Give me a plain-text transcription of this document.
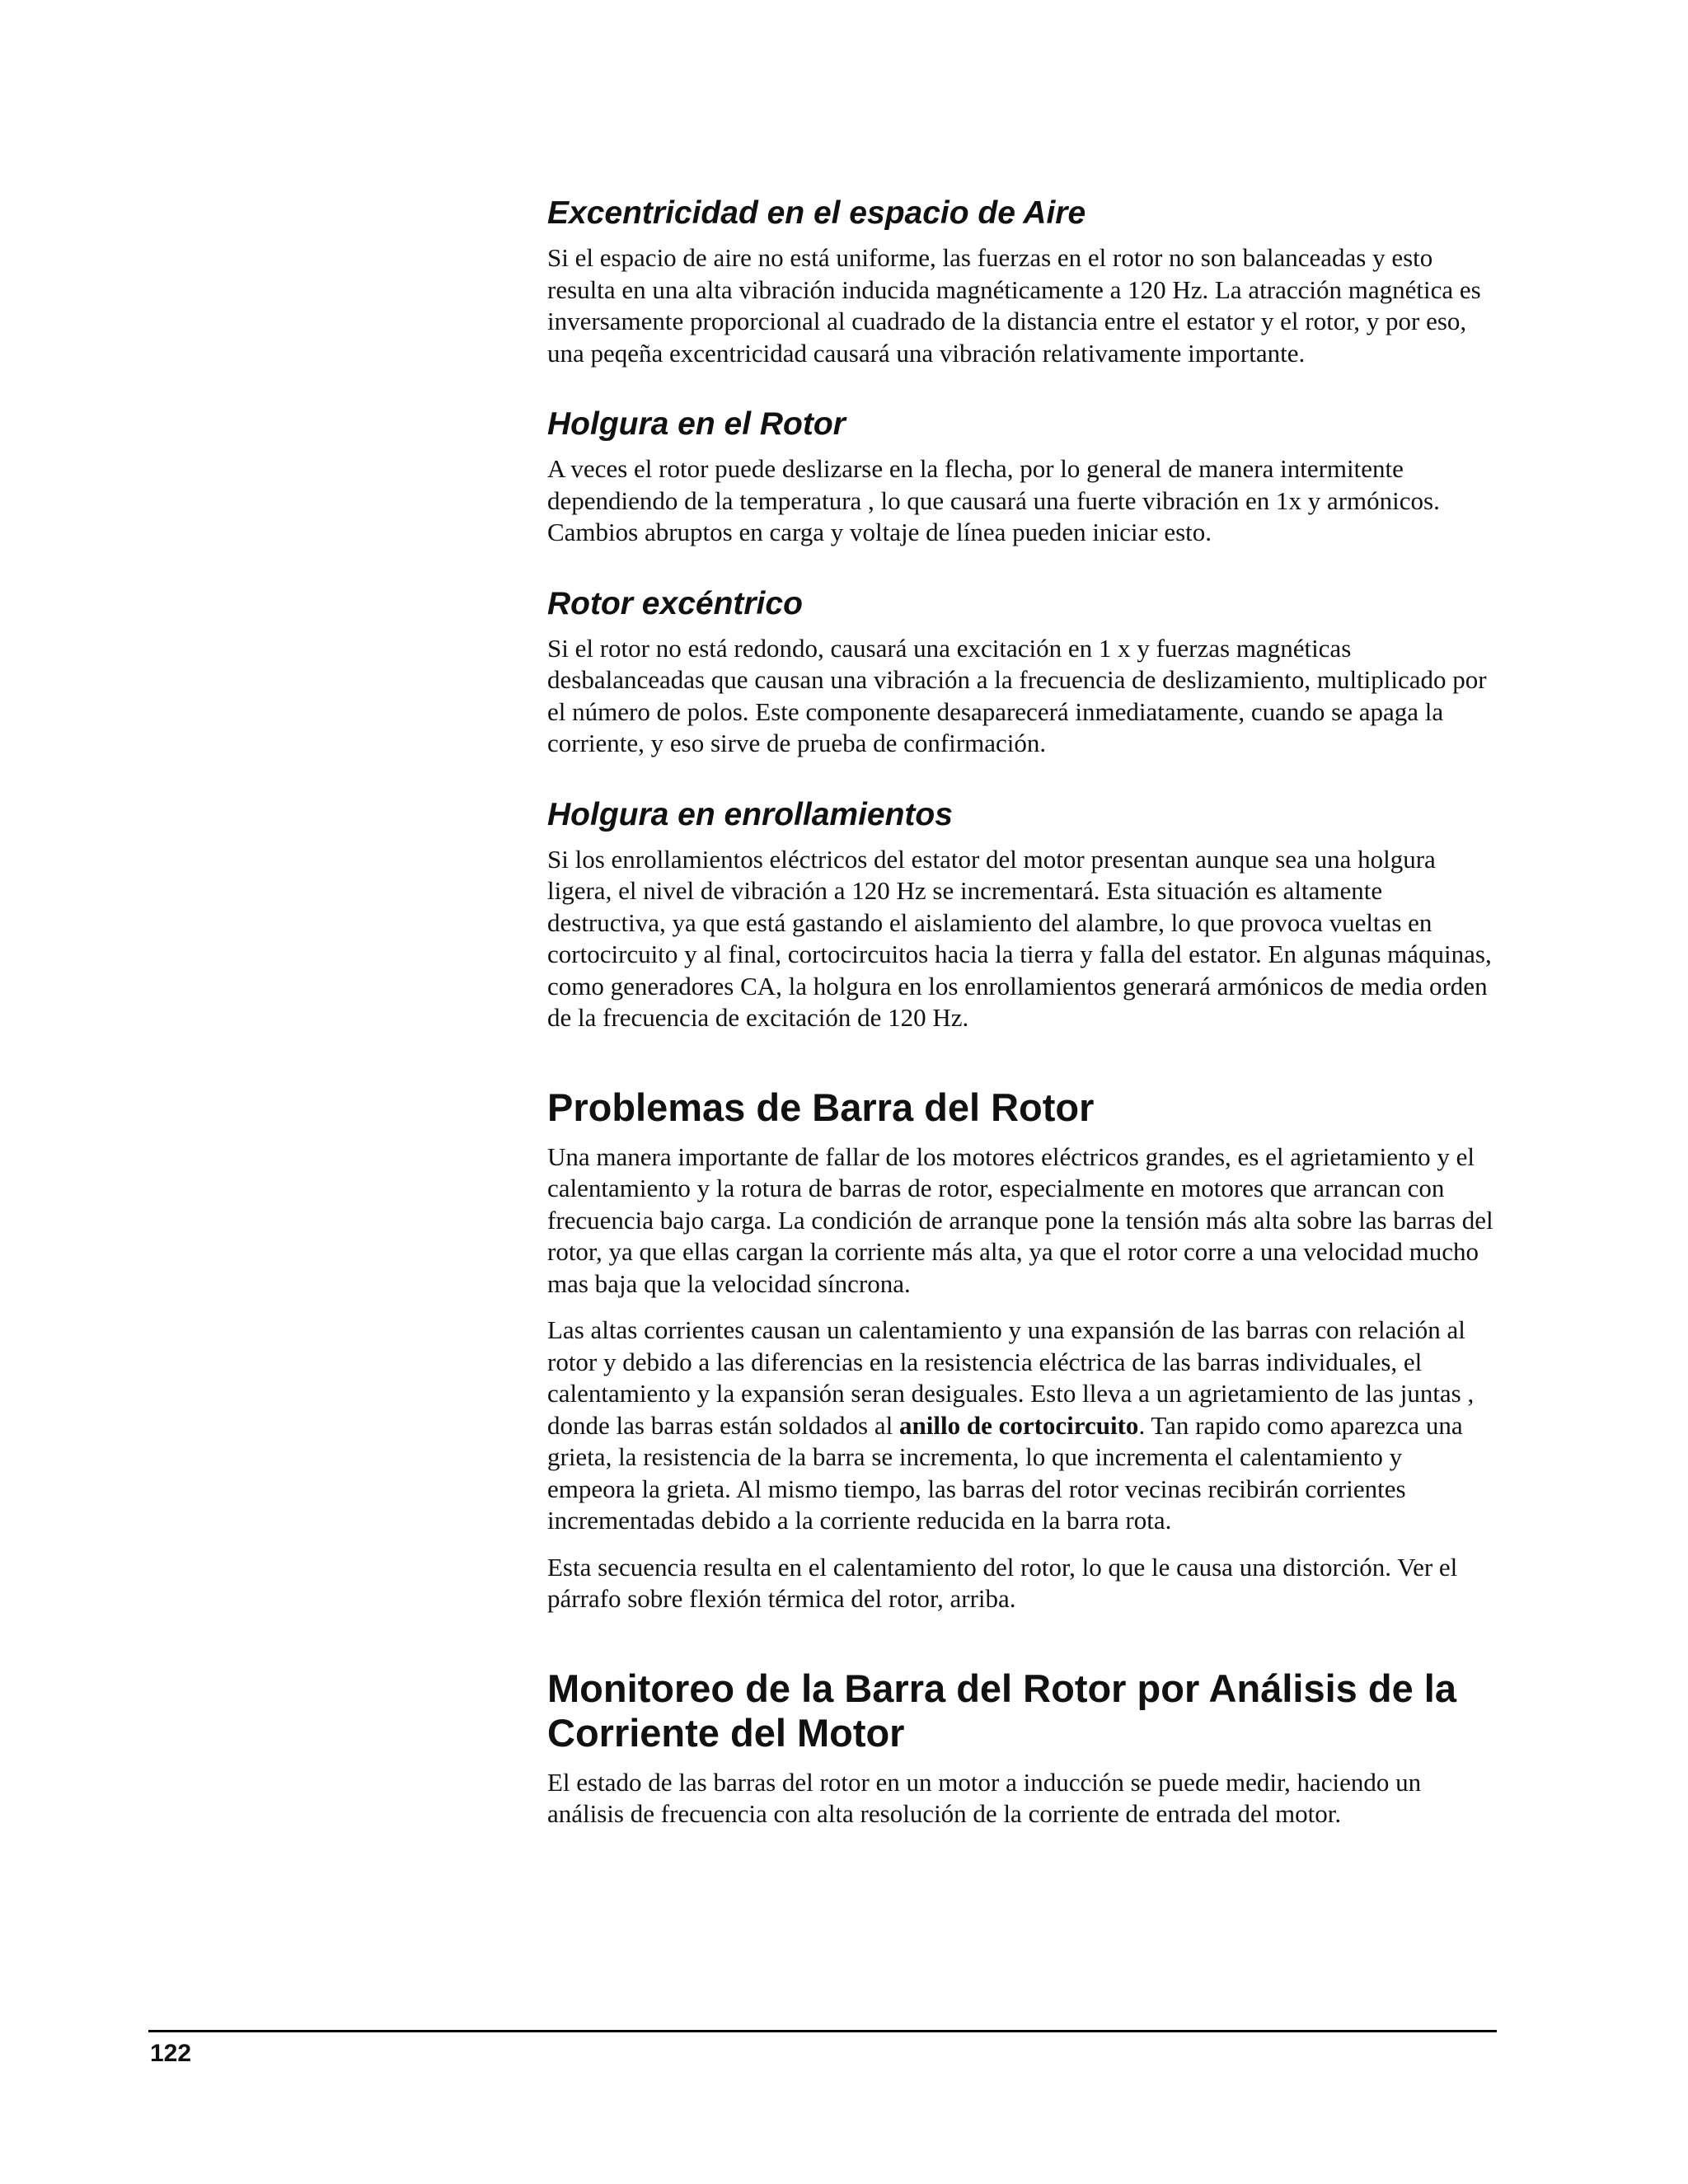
Excentricidad en el espacio de Aire

Si el espacio de aire no está uniforme, las fuerzas en el rotor no son balanceadas y esto resulta en una alta vibración inducida magnéticamente a 120 Hz. La atracción magnética es inversamente proporcional al cuadrado de la distancia entre el estator y el rotor, y por eso, una peqeña excentricidad causará una vibración relativamente importante.

Holgura en el Rotor

A veces el rotor puede deslizarse en la flecha, por lo general de manera intermitente dependiendo de la temperatura , lo que causará una fuerte vibración en 1x y armónicos. Cambios abruptos en carga y voltaje de línea pueden iniciar esto.

Rotor excéntrico

Si el rotor no está redondo, causará una excitación en 1 x y fuerzas magnéticas desbalanceadas que causan una vibración a la frecuencia de deslizamiento, multiplicado por el número de polos. Este componente desaparecerá inmediatamente, cuando se apaga la corriente, y eso sirve de prueba de confirmación.

Holgura en enrollamientos

Si los enrollamientos eléctricos del estator del motor presentan aunque sea una holgura ligera, el nivel de vibración a 120 Hz se incrementará. Esta situación es altamente destructiva, ya que está gastando el aislamiento del alambre, lo que provoca vueltas en cortocircuito y al final, cortocircuitos hacia la tierra y falla del estator. En algunas máquinas, como generadores CA, la holgura en los enrollamientos generará armónicos de media orden de la frecuencia de excitación de 120 Hz.

Problemas de Barra del Rotor

Una manera importante de fallar de los motores eléctricos grandes, es el agrietamiento y el calentamiento y la rotura de barras de rotor, especialmente en motores que arrancan con frecuencia bajo carga. La condición de arranque pone la tensión más alta sobre las barras del rotor, ya que ellas cargan la corriente más alta, ya que el rotor corre a una velocidad mucho mas baja que la velocidad síncrona.

Las altas corrientes causan un calentamiento y una expansión de las barras con relación al rotor y debido a las diferencias en la resistencia eléctrica de las barras individuales, el calentamiento y la expansión seran desiguales. Esto lleva a un agrietamiento de las juntas , donde las barras están soldados al anillo de cortocircuito. Tan rapido como aparezca una grieta, la resistencia de la barra se incrementa, lo que incrementa el calentamiento y empeora la grieta. Al mismo tiempo, las barras del rotor vecinas recibirán corrientes incrementadas debido a la corriente reducida en la barra rota.

Esta secuencia resulta en el calentamiento del rotor, lo que le causa una distorción. Ver el párrafo sobre flexión térmica del rotor, arriba.

Monitoreo de la Barra del Rotor por Análisis de la Corriente del Motor

El estado de las barras del rotor en un motor a inducción se puede medir, haciendo un análisis de frecuencia con alta resolución de la corriente de entrada del motor.

122
